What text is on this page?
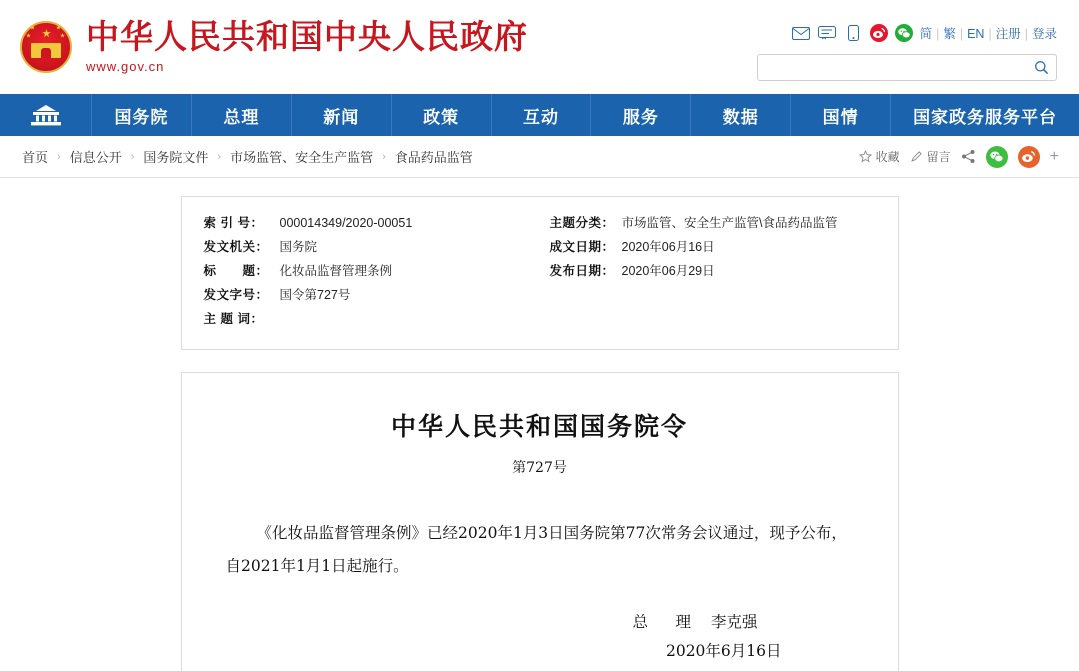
中华人民共和国中央人民政府
www.gov.cn
简 | 繁 | EN | 注册 | 登录
国务院	总理	新闻	政策	互动	服务	数据	国情	国家政务服务平台
首页 › 信息公开 › 国务院文件 › 市场监管、安全生产监管 › 食品药品监管	收藏 留言	+
索 引 号：	000014349/2020-00051
发文机关： 国务院
标　　题： 化妆品监督管理条例
发文字号： 国令第727号
主 题 词：
主题分类： 市场监管、安全生产监管\食品药品监管
成文日期： 2020年06月16日
发布日期： 2020年06月29日
中华人民共和国国务院令
第727号
《化妆品监督管理条例》已经2020年1月3日国务院第77次常务会议通过，现予公布，自2021年1月1日起施行。
总　理 李克强
2020年6月16日
